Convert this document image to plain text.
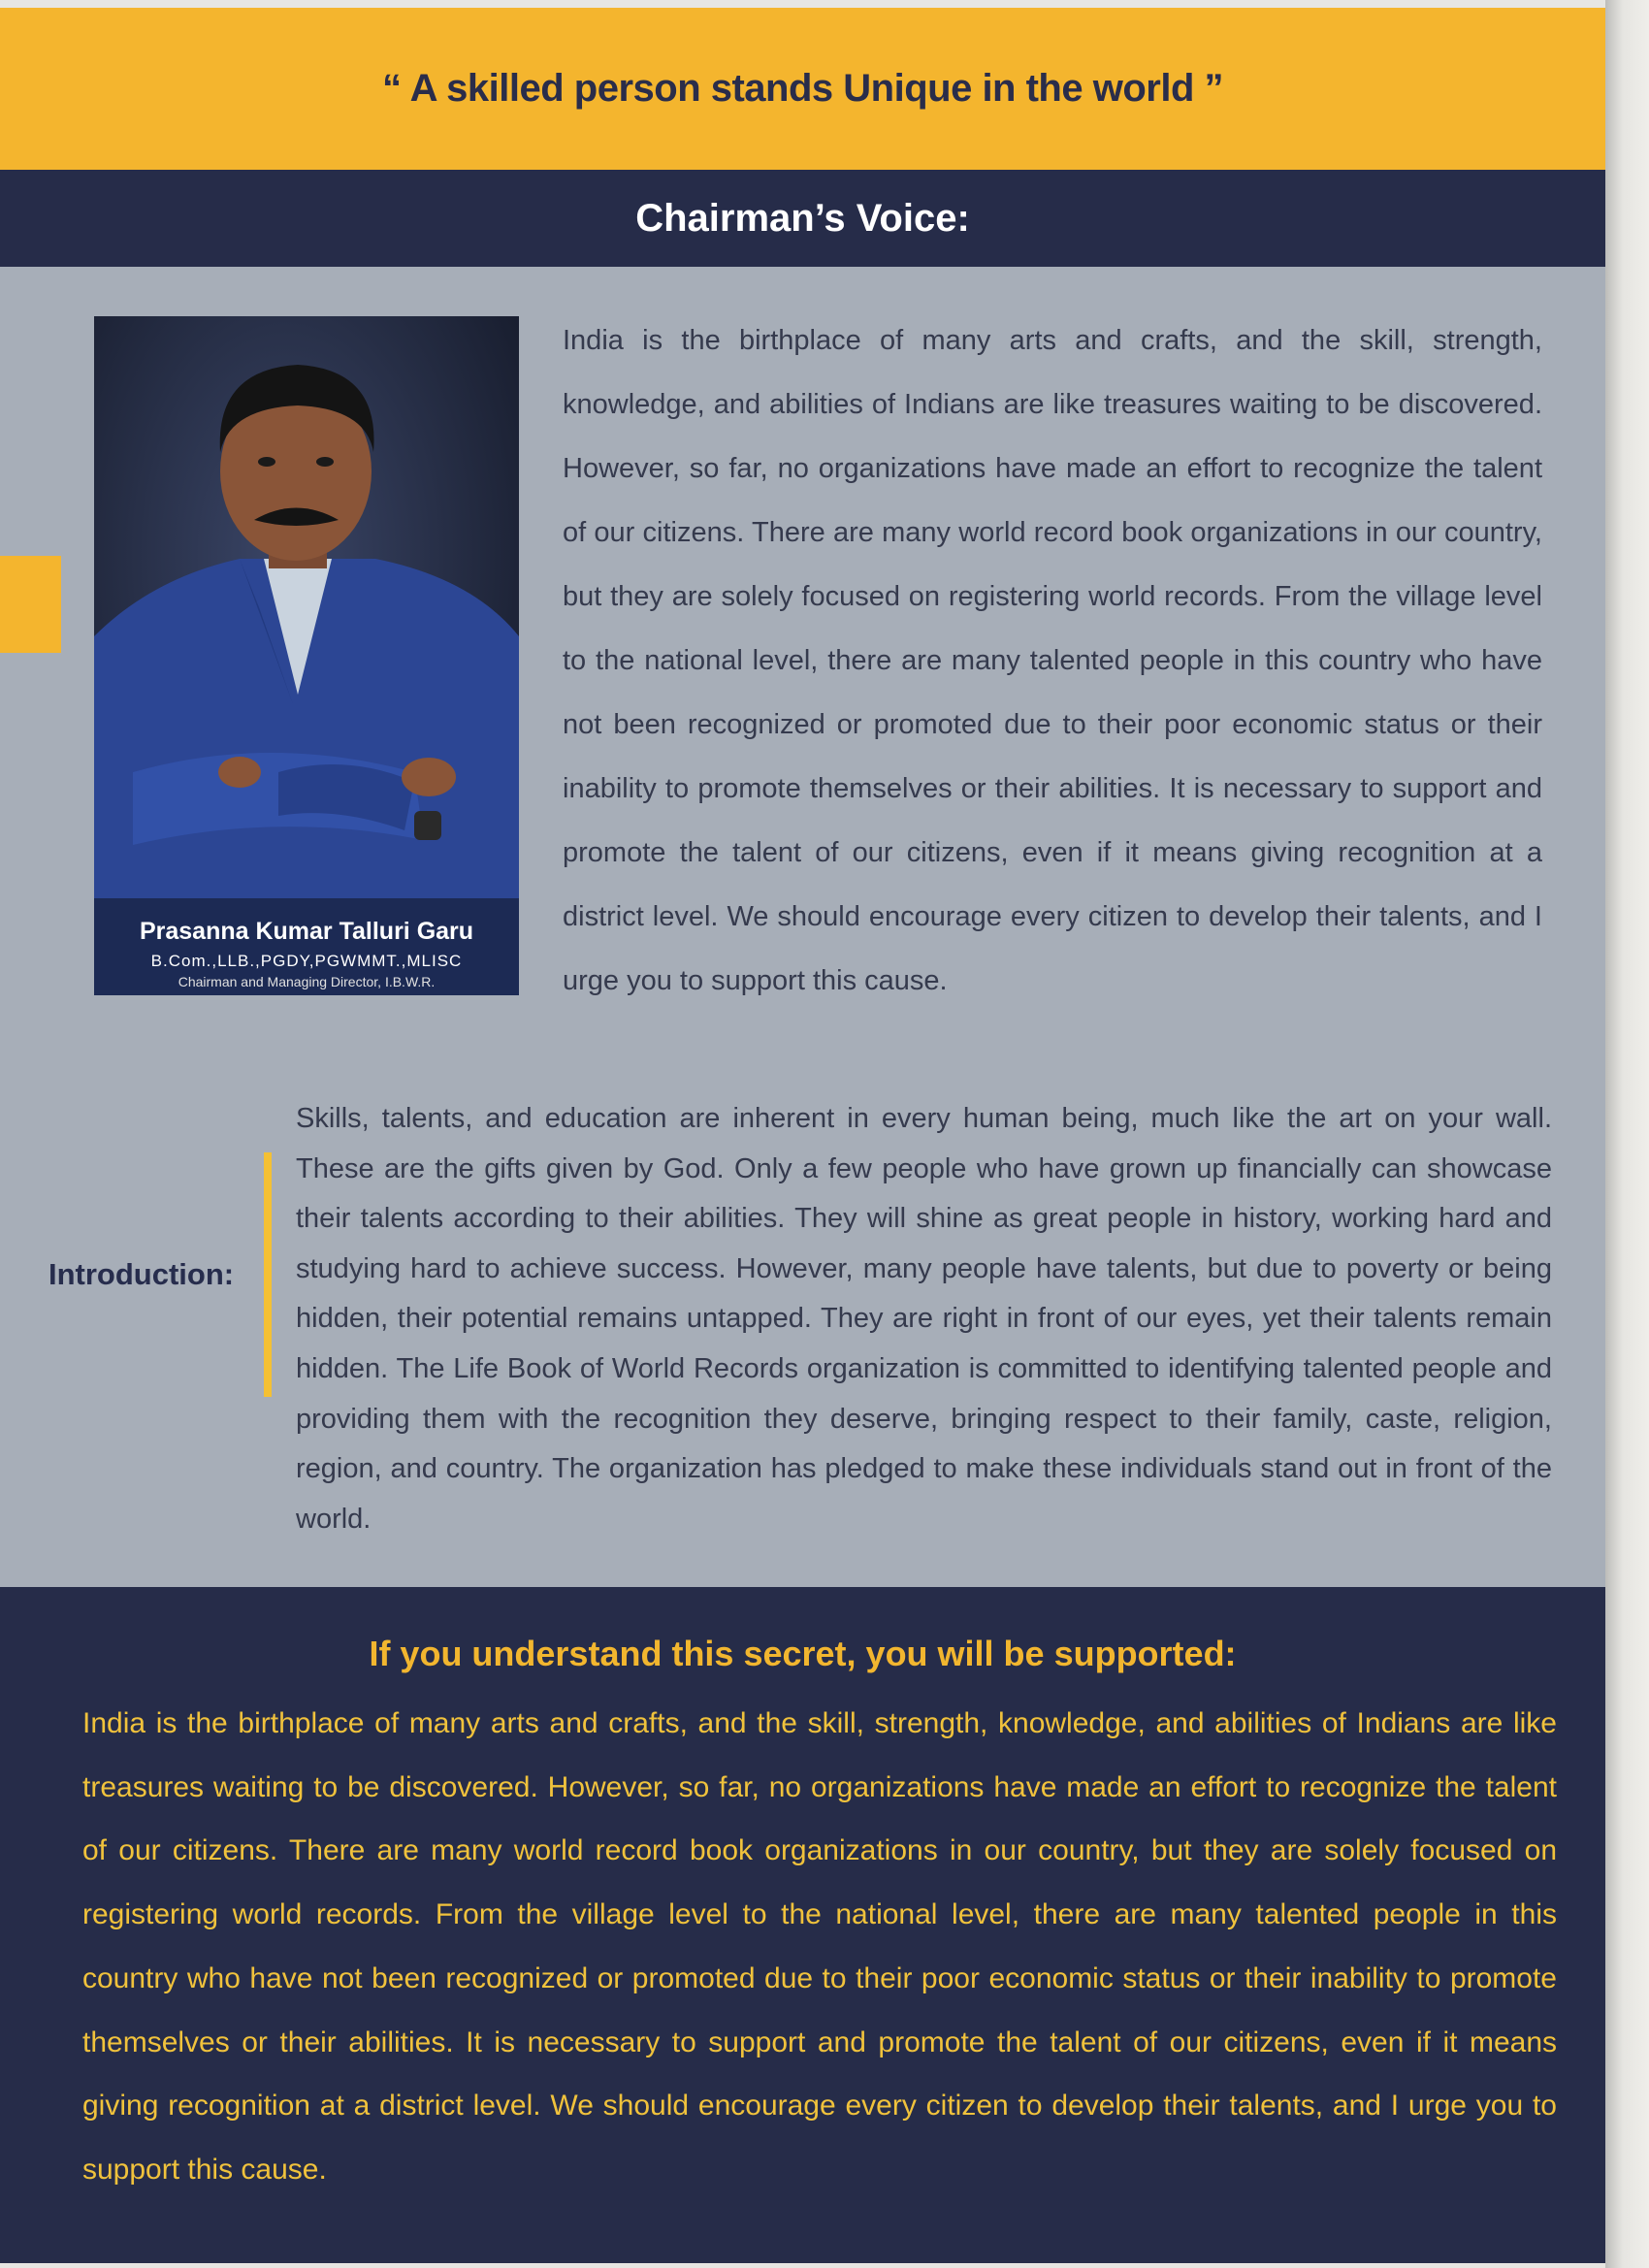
“ A skilled person stands Unique in the world ”
Chairman’s Voice:
Prasanna Kumar Talluri Garu
B.Com.,LLB.,PGDY,PGWMMT.,MLISC
Chairman and Managing Director, I.B.W.R.

India is the birthplace of many arts and crafts, and the skill, strength, knowledge, and abilities of Indians are like treasures waiting to be discovered. However, so far, no organizations have made an effort to recognize the talent of our citizens. There are many world record book organizations in our country, but they are solely focused on registering world records. From the village level to the national level, there are many talented people in this country who have not been recognized or promoted due to their poor economic status or their inability to promote themselves or their abilities. It is necessary to support and promote the talent of our citizens, even if it means giving recognition at a district level. We should encourage every citizen to develop their talents, and I urge you to support this cause.

Introduction:

Skills, talents, and education are inherent in every human being, much like the art on your wall. These are the gifts given by God. Only a few people who have grown up financially can showcase their talents according to their abilities. They will shine as great people in history, working hard and studying hard to achieve success. However, many people have talents, but due to poverty or being hidden, their potential remains untapped. They are right in front of our eyes, yet their talents remain hidden. The Life Book of World Records organization is committed to identifying talented people and providing them with the recognition they deserve, bringing respect to their family, caste, religion, region, and country. The organization has pledged to make these individuals stand out in front of the world.

If you understand this secret, you will be supported:

India is the birthplace of many arts and crafts, and the skill, strength, knowledge, and abilities of Indians are like treasures waiting to be discovered. However, so far, no organizations have made an effort to recognize the talent of our citizens. There are many world record book organizations in our country, but they are solely focused on registering world records. From the village level to the national level, there are many talented people in this country who have not been recognized or promoted due to their poor economic status or their inability to promote themselves or their abilities. It is necessary to support and promote the talent of our citizens, even if it means giving recognition at a district level. We should encourage every citizen to develop their talents, and I urge you to support this cause.
